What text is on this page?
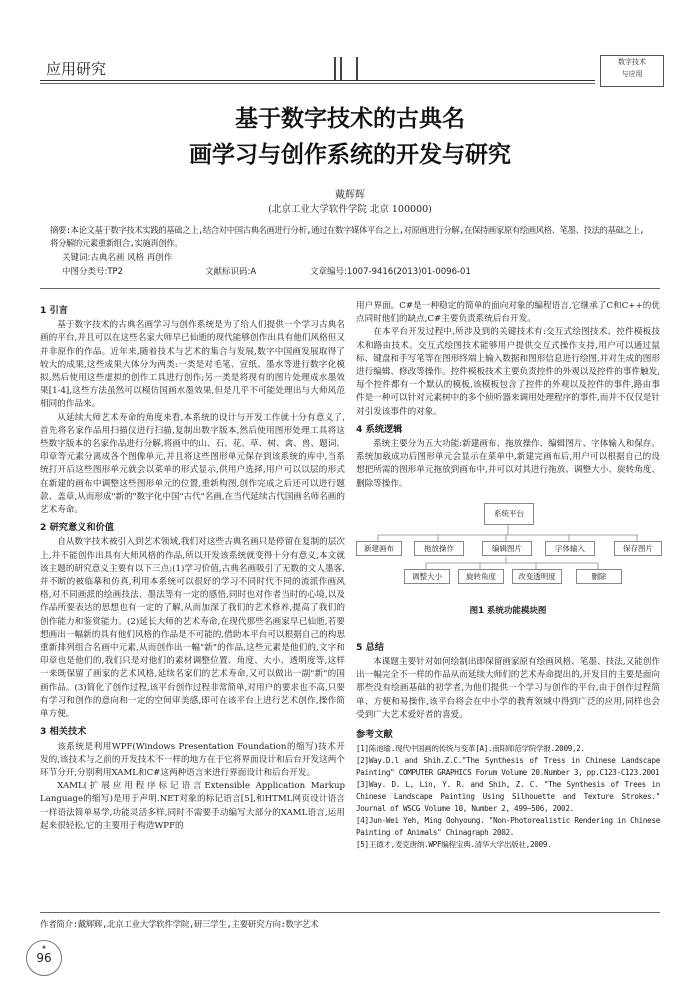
应用研究	数字技术
与应用
基于数字技术的古典名
画学习与创作系统的开发与研究
戴辉辉
(北京工业大学软件学院 北京 100000)
摘要:本论文基于数字技术实践的基础之上,结合对中国古典名画进行分析,通过在数字媒体平台之上,对原画进行分解,在保持画家原有绘画风格、笔墨、技法的基础之上,将分解的元素重新组合,实施再创作。
关键词:古典名画 风格 再创作
中图分类号:TP2	文献标识码:A	文章编号:1007-9416(2013)01-0096-01
1 引言

基于数字技术的古典名画学习与创作系统是为了给人们提供一个学习古典名画的平台,并且可以在这些名家大师早已仙逝的现代能够创作出具有他们风格但又并非原作的作品。近年来,随着技术与艺术的集合与发展,数字中国画发展取得了较大的成果,这些成果大体分为两类:一类是对毛笔、宣纸、墨水等进行数字化模拟,然后使用这些虚拟的创作工具进行创作;另一类是将现有的图片处理成水墨效果[1-4],这些方法虽然可以模仿国画水墨效果,但是几乎不可能处理出与大师风范相同的作品来。

从延续大师艺术寿命的角度来看,本系统的设计与开发工作就十分有意义了,首先将名家作品用扫描仪进行扫描,复制出数字版本,然后使用图形处理工具将这些数字版本的名家作品进行分解,将画中的山、石、花、草、树、禽、兽、题词、印章等元素分离成各个图像单元,并且将这些图形单元保存到该系统的库中,当系统打开后这些图形单元就会以菜单的形式显示,供用户选择,用户可以以层的形式在新建的画布中调整这些图形单元的位置,重新构图,创作完成之后还可以进行题款、盖章,从而形成"新的"数字化中国"古代"名画,在当代延续古代国画名师名画的艺术寿命。

2 研究意义和价值

自从数字技术被引入到艺术领域,我们对这些古典名画只是停留在复制的层次上,并不能创作出具有大师风格的作品,所以开发该系统就变得十分有意义,本文就该主题的研究意义主要有以下三点:(1)学习价值,古典名画吸引了无数的文人墨客,并不断的被临摹和仿真,利用本系统可以很好的学习不同时代不同的流派作画风格,对不同画派的绘画技法、墨法等有一定的感悟,同时也对作者当时的心境,以及作品所要表达的思想也有一定的了解,从而加深了我们的艺术修养,提高了我们的创作能力和鉴赏能力。(2)延长大师的艺术寿命,在现代那些名画家早已仙逝,若要想画出一幅新的具有他们风格的作品是不可能的,借助本平台可以根据自己的构思重新排列组合名画中元素,从而创作出一幅"新"的作品,这些元素是他们的,文字和印章也是他们的,我们只是对他们的素材调整位置、角度、大小、透明度等,这样一来既保留了画家的艺术风格,延续名家们的艺术寿命,又可以做出一副"新"的国画作品。(3)简化了创作过程,该平台创作过程非常简单,对用户的要求也不高,只要有学习和创作的意向和一定的空间审美感,即可在该平台上进行艺术创作,操作简单方便。

3 相关技术

该系统是利用WPF(Windows Presentation Foundation的缩写)技术开发的,该技术与之前的开发技术不一样的地方在于它将界面设计和后台开发这两个环节分开,分别利用XAML和C#这两种语言来进行界面设计和后台开发。

XAML(扩展应用程序标记语言Extensible Application Markup Language的缩写)是用于声明.NET对象的标记语言[5],和HTML网页设计语言一样语法简单易学,功能灵活多样,同时不需要手动编写大部分的XAML语言,运用起来很轻松,它的主要用于构造WPF的

用户界面。C#是一种稳定的简单的面向对象的编程语言,它继承了C和C++的优点同时他们的缺点,C#主要负责系统后台开发。

在本平台开发过程中,所涉及到的关键技术有:交互式绘图技术、控件模板技术和路由技术。交互式绘图技术能够用户提供交互式操作支持,用户可以通过鼠标、键盘和手写笔等在图形终端上输入数据和图形信息进行绘图,并对生成的图形进行编辑、修改等操作。控件模板技术主要负责控件的外观以及控件的事件触发,每个控件都有一个默认的模板,该模板包含了控件的外观以及控件的事件,路由事件是一种可以针对元素树中的多个侦听器来调用处理程序的事件,而并不仅仅是针对引发该事件的对象。

4 系统逻辑

系统主要分为五大功能:新建画布、拖放操作、编辑图片、字体输入和保存。系统加载成功后图形单元会显示在菜单中,新建完画布后,用户可以根据自己的设想把所需的图形单元拖放到画布中,并可以对其进行拖放、调整大小、旋转角度、删除等操作。

系统平台
新建画布	拖放操作	编辑图片	字体输入	保存图片
调整大小	旋转角度	改变透明度	删除
图1 系统功能模块图
5 总结

本课题主要针对如何绘制出即保留画家原有绘画风格、笔墨、技法,又能创作出一幅完全不一样的作品从而延续大师们的艺术寿命提出的,开发目的主要是面向那些没有绘画基础的初学者,为他们提供一个学习与创作的平台,由于创作过程简单、方便和易操作,该平台将会在中小学的教育领域中得到广泛的应用,同样也会受到广大艺术爱好者的喜爱。

参考文献
[1]陈池瑜.现代中国画的传统与变革[A].南阳师范学院学报.2009,2.
[2]Way.D.l and Shih.Z.C."The Synthesis of Tress in Chinese Landscape Painting" COMPUTER GRAPHICS Forum Volume 20.Number 3, pp.C123-C123.2001
[3]Way. D. L, Lin, Y. R. and Shih, Z. C. "The Synthesis of Trees in Chinese Landscape Painting Using Silhouette and Texture Strokes." Journal of WSCG Volume 10, Number 2, 499~506, 2002.
[4]Jun-Wei Yeh, Ming Oohyoung. "Non-Photorealistic Rendering in Chinese Painting of Animals" Chinagraph 2002.
[5]王德才,麦克唐纳.WPF编程宝典.清华大学出版社,2009.
作者简介:戴辉辉,北京工业大学软件学院,研三学生,主要研究方向:数字艺术
✺
96
